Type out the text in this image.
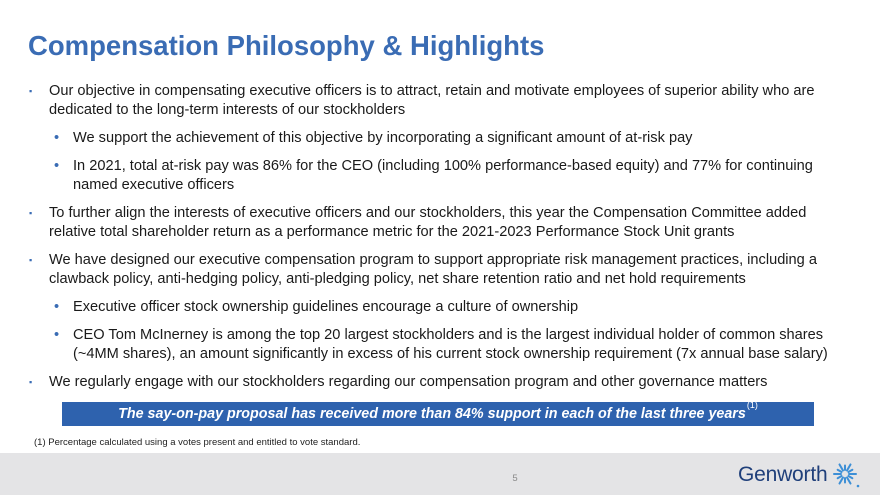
Compensation Philosophy & Highlights
▪ Our objective in compensating executive officers is to attract, retain and motivate employees of superior ability who are dedicated to the long-term interests of our stockholders
• We support the achievement of this objective by incorporating a significant amount of at-risk pay
• In 2021, total at-risk pay was 86% for the CEO (including 100% performance-based equity) and 77% for continuing named executive officers
▪ To further align the interests of executive officers and our stockholders, this year the Compensation Committee added relative total shareholder return as a performance metric for the 2021-2023 Performance Stock Unit grants
▪ We have designed our executive compensation program to support appropriate risk management practices, including a clawback policy, anti-hedging policy, anti-pledging policy, net share retention ratio and net hold requirements
• Executive officer stock ownership guidelines encourage a culture of ownership
• CEO Tom McInerney is among the top 20 largest stockholders and is the largest individual holder of common shares (~4MM shares), an amount significantly in excess of his current stock ownership requirement (7x annual base salary)
▪ We regularly engage with our stockholders regarding our compensation program and other governance matters
The say-on-pay proposal has received more than 84% support in each of the last three years$^{(1)}$
(1) Percentage calculated using a votes present and entitled to vote standard.
5	Genworth
